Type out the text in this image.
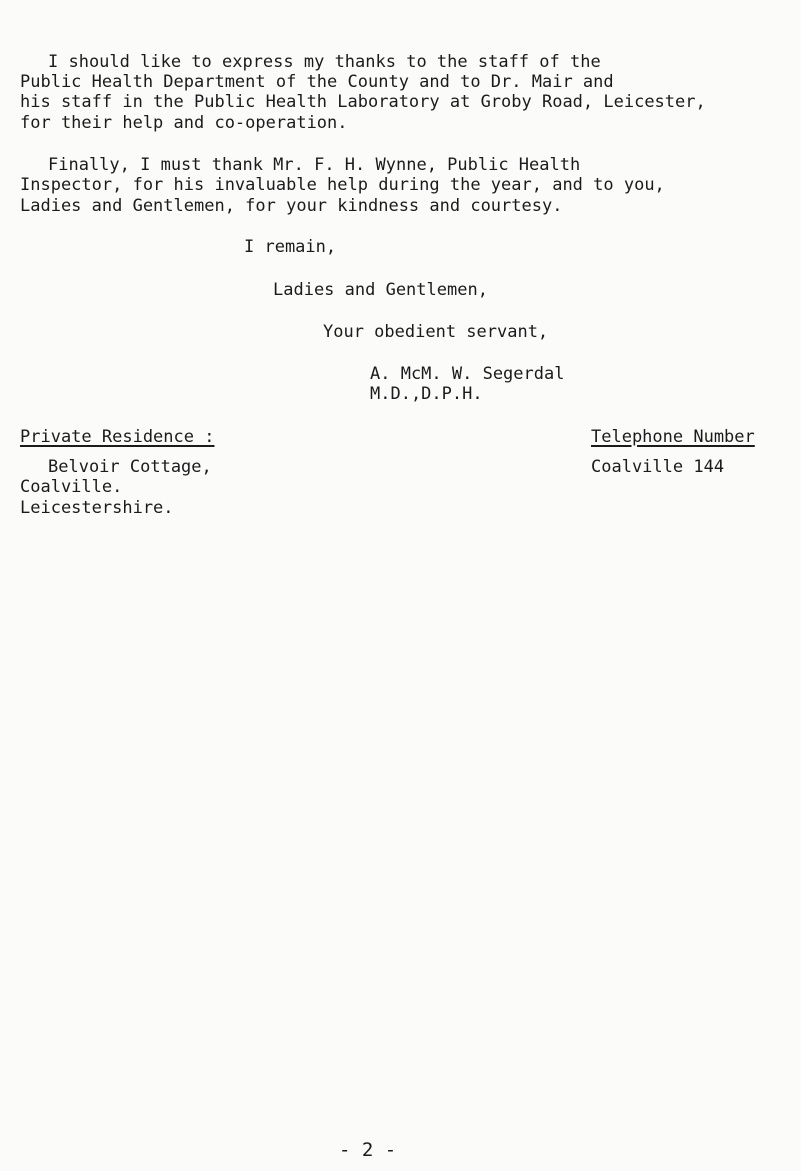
I should like to express my thanks to the staff of the
Public Health Department of the County and to Dr. Mair and
his staff in the Public Health Laboratory at Groby Road, Leicester,
for their help and co-operation.
Finally, I must thank Mr. F. H. Wynne, Public Health
Inspector, for his invaluable help during the year, and to you,
Ladies and Gentlemen, for your kindness and courtesy.
I remain,
Ladies and Gentlemen,
Your obedient servant,
A. McM. W. Segerdal
M.D.,D.P.H.
Private Residence :
Belvoir Cottage,
Coalville.
Leicestershire.
Telephone Number
Coalville 144
- 2 -
